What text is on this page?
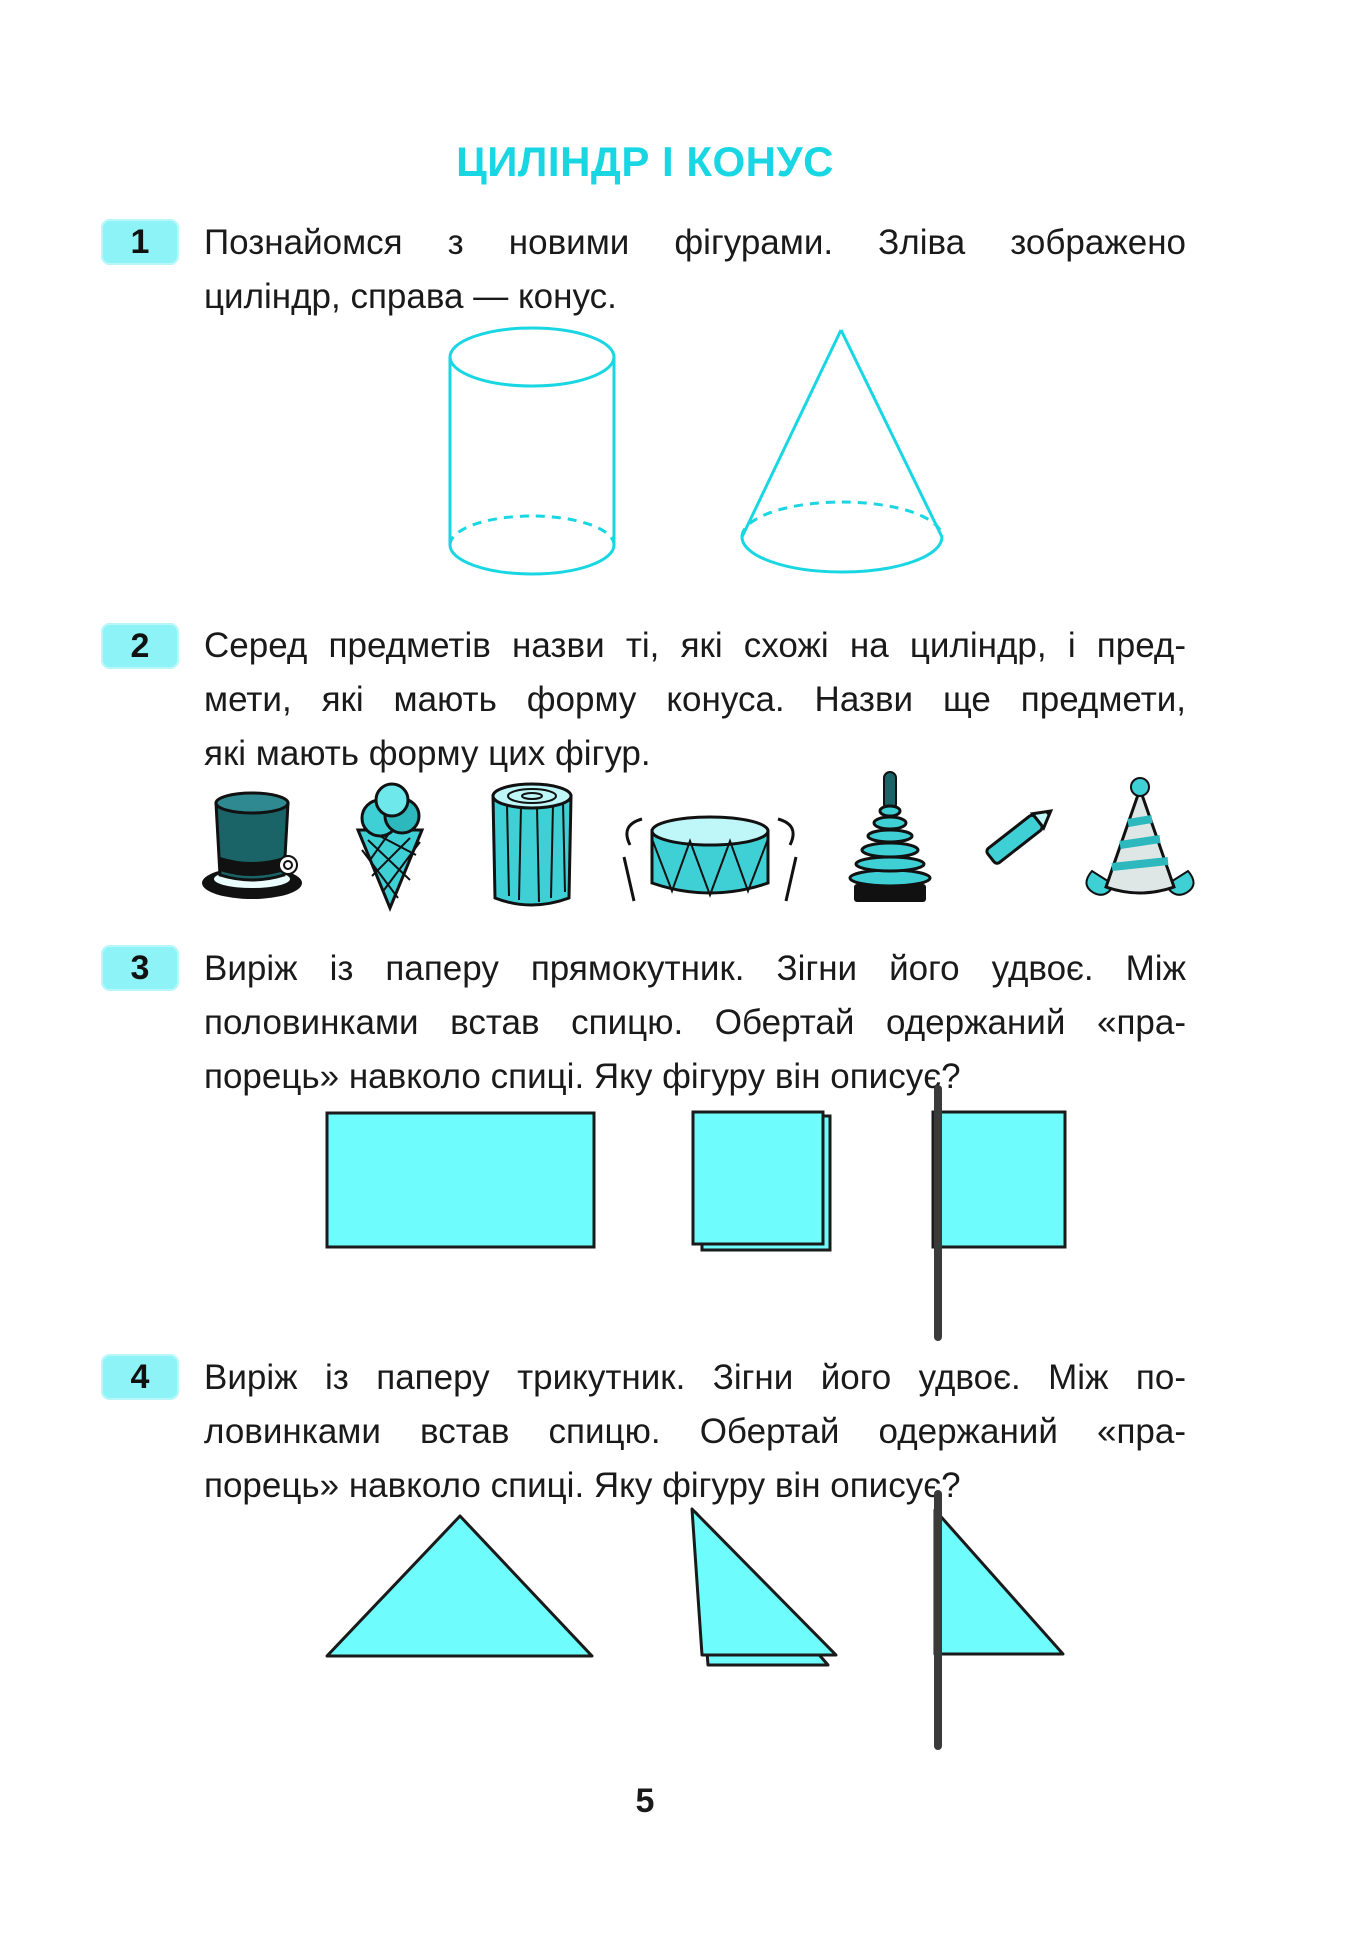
ЦИЛІНДР І КОНУС
1	Познайомся з новими фігурами. Зліва зображено
циліндр, справа — конус.
2	Серед предметів назви ті, які схожі на циліндр, і пред-
мети, які мають форму конуса. Назви ще предмети,
які мають форму цих фігур.
3	Виріж із паперу прямокутник. Зігни його удвоє. Між
половинками встав спицю. Обертай одержаний «пра-
порець» навколо спиці. Яку фігуру він описує?
4	Виріж із паперу трикутник. Зігни його удвоє. Між по-
ловинками встав спицю. Обертай одержаний «пра-
порець» навколо спиці. Яку фігуру він описує?
5
